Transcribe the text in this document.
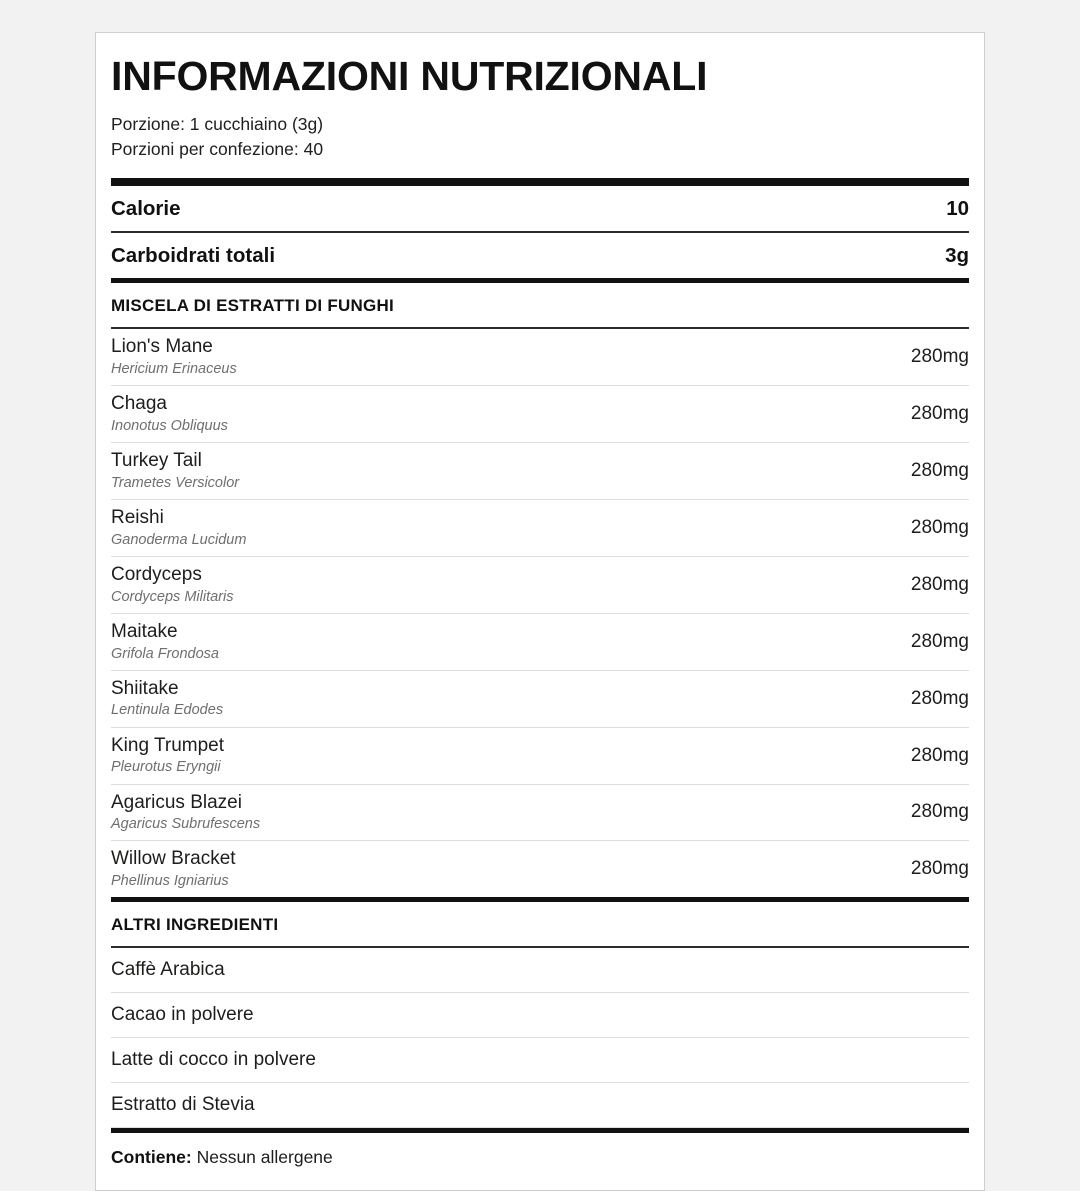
INFORMAZIONI NUTRIZIONALI
Porzione: 1 cucchiaino (3g)
Porzioni per confezione: 40
Calorie	10
Carboidrati totali	3g
MISCELA DI ESTRATTI DI FUNGHI
Lion's Mane
Hericium Erinaceus
280mg
Chaga
Inonotus Obliquus
280mg
Turkey Tail
Trametes Versicolor
280mg
Reishi
Ganoderma Lucidum
280mg
Cordyceps
Cordyceps Militaris
280mg
Maitake
Grifola Frondosa
280mg
Shiitake
Lentinula Edodes
280mg
King Trumpet
Pleurotus Eryngii
280mg
Agaricus Blazei
Agaricus Subrufescens
280mg
Willow Bracket
Phellinus Igniarius
280mg
ALTRI INGREDIENTI
Caffè Arabica
Cacao in polvere
Latte di cocco in polvere
Estratto di Stevia
Contiene: Nessun allergene
